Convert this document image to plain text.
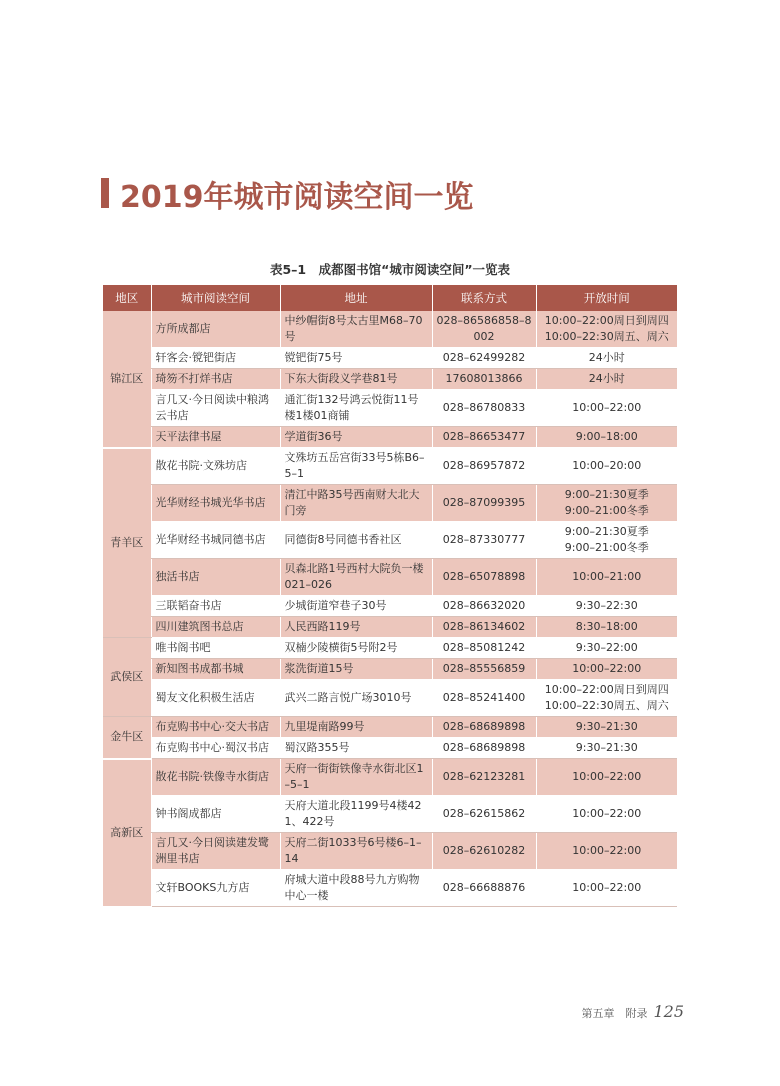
2019年城市阅读空间一览
表5–1　成都图书馆“城市阅读空间”一览表
地区	城市阅读空间	地址	联系方式	开放时间
锦江区	方所成都店	中纱帽街8号太古里M68–70号	028–86586858–8002	10:00–22:00周日到周四
10:00–22:30周五、周六
	轩客会·镋钯街店	镋钯街75号	028–62499282	24小时
	琦笏不打烊书店	下东大街段义学巷81号	17608013866	24小时
	言几又·今日阅读中粮鸿云书店	通汇街132号鸿云悦街11号楼1楼01商铺	028–86780833	10:00–22:00
	天平法律书屋	学道街36号	028–86653477	9:00–18:00
青羊区	散花书院·文殊坊店	文殊坊五岳宫街33号5栋B6–5–1	028–86957872	10:00–20:00
	光华财经书城光华书店	清江中路35号西南财大北大门旁	028–87099395	9:00–21:30夏季
9:00–21:00冬季
	光华财经书城同德书店	同德街8号同德书香社区	028–87330777	9:00–21:30夏季
9:00–21:00冬季
	独活书店	贝森北路1号西村大院负一楼021–026	028–65078898	10:00–21:00
	三联韬奋书店	少城街道窄巷子30号	028–86632020	9:30–22:30
	四川建筑图书总店	人民西路119号	028–86134602	8:30–18:00
武侯区	唯书阁书吧	双楠少陵横街5号附2号	028–85081242	9:30–22:00
	新知图书成都书城	浆洗街道15号	028–85556859	10:00–22:00
	蜀友文化积极生活店	武兴二路言悦广场3010号	028–85241400	10:00–22:00周日到周四
10:00–22:30周五、周六
金牛区	布克购书中心·交大书店	九里堤南路99号	028–68689898	9:30–21:30
	布克购书中心·蜀汉书店	蜀汉路355号	028–68689898	9:30–21:30
高新区	散花书院·铁像寺水街店	天府一街街铁像寺水街北区1–5–1	028–62123281	10:00–22:00
	钟书阁成都店	天府大道北段1199号4楼421、422号	028–62615862	10:00–22:00
	言几又·今日阅读建发鹭洲里书店	天府二街1033号6号楼6–1–14	028–62610282	10:00–22:00
	文轩BOOKS九方店	府城大道中段88号九方购物中心一楼	028–66688876	10:00–22:00
第五章　附录 125
